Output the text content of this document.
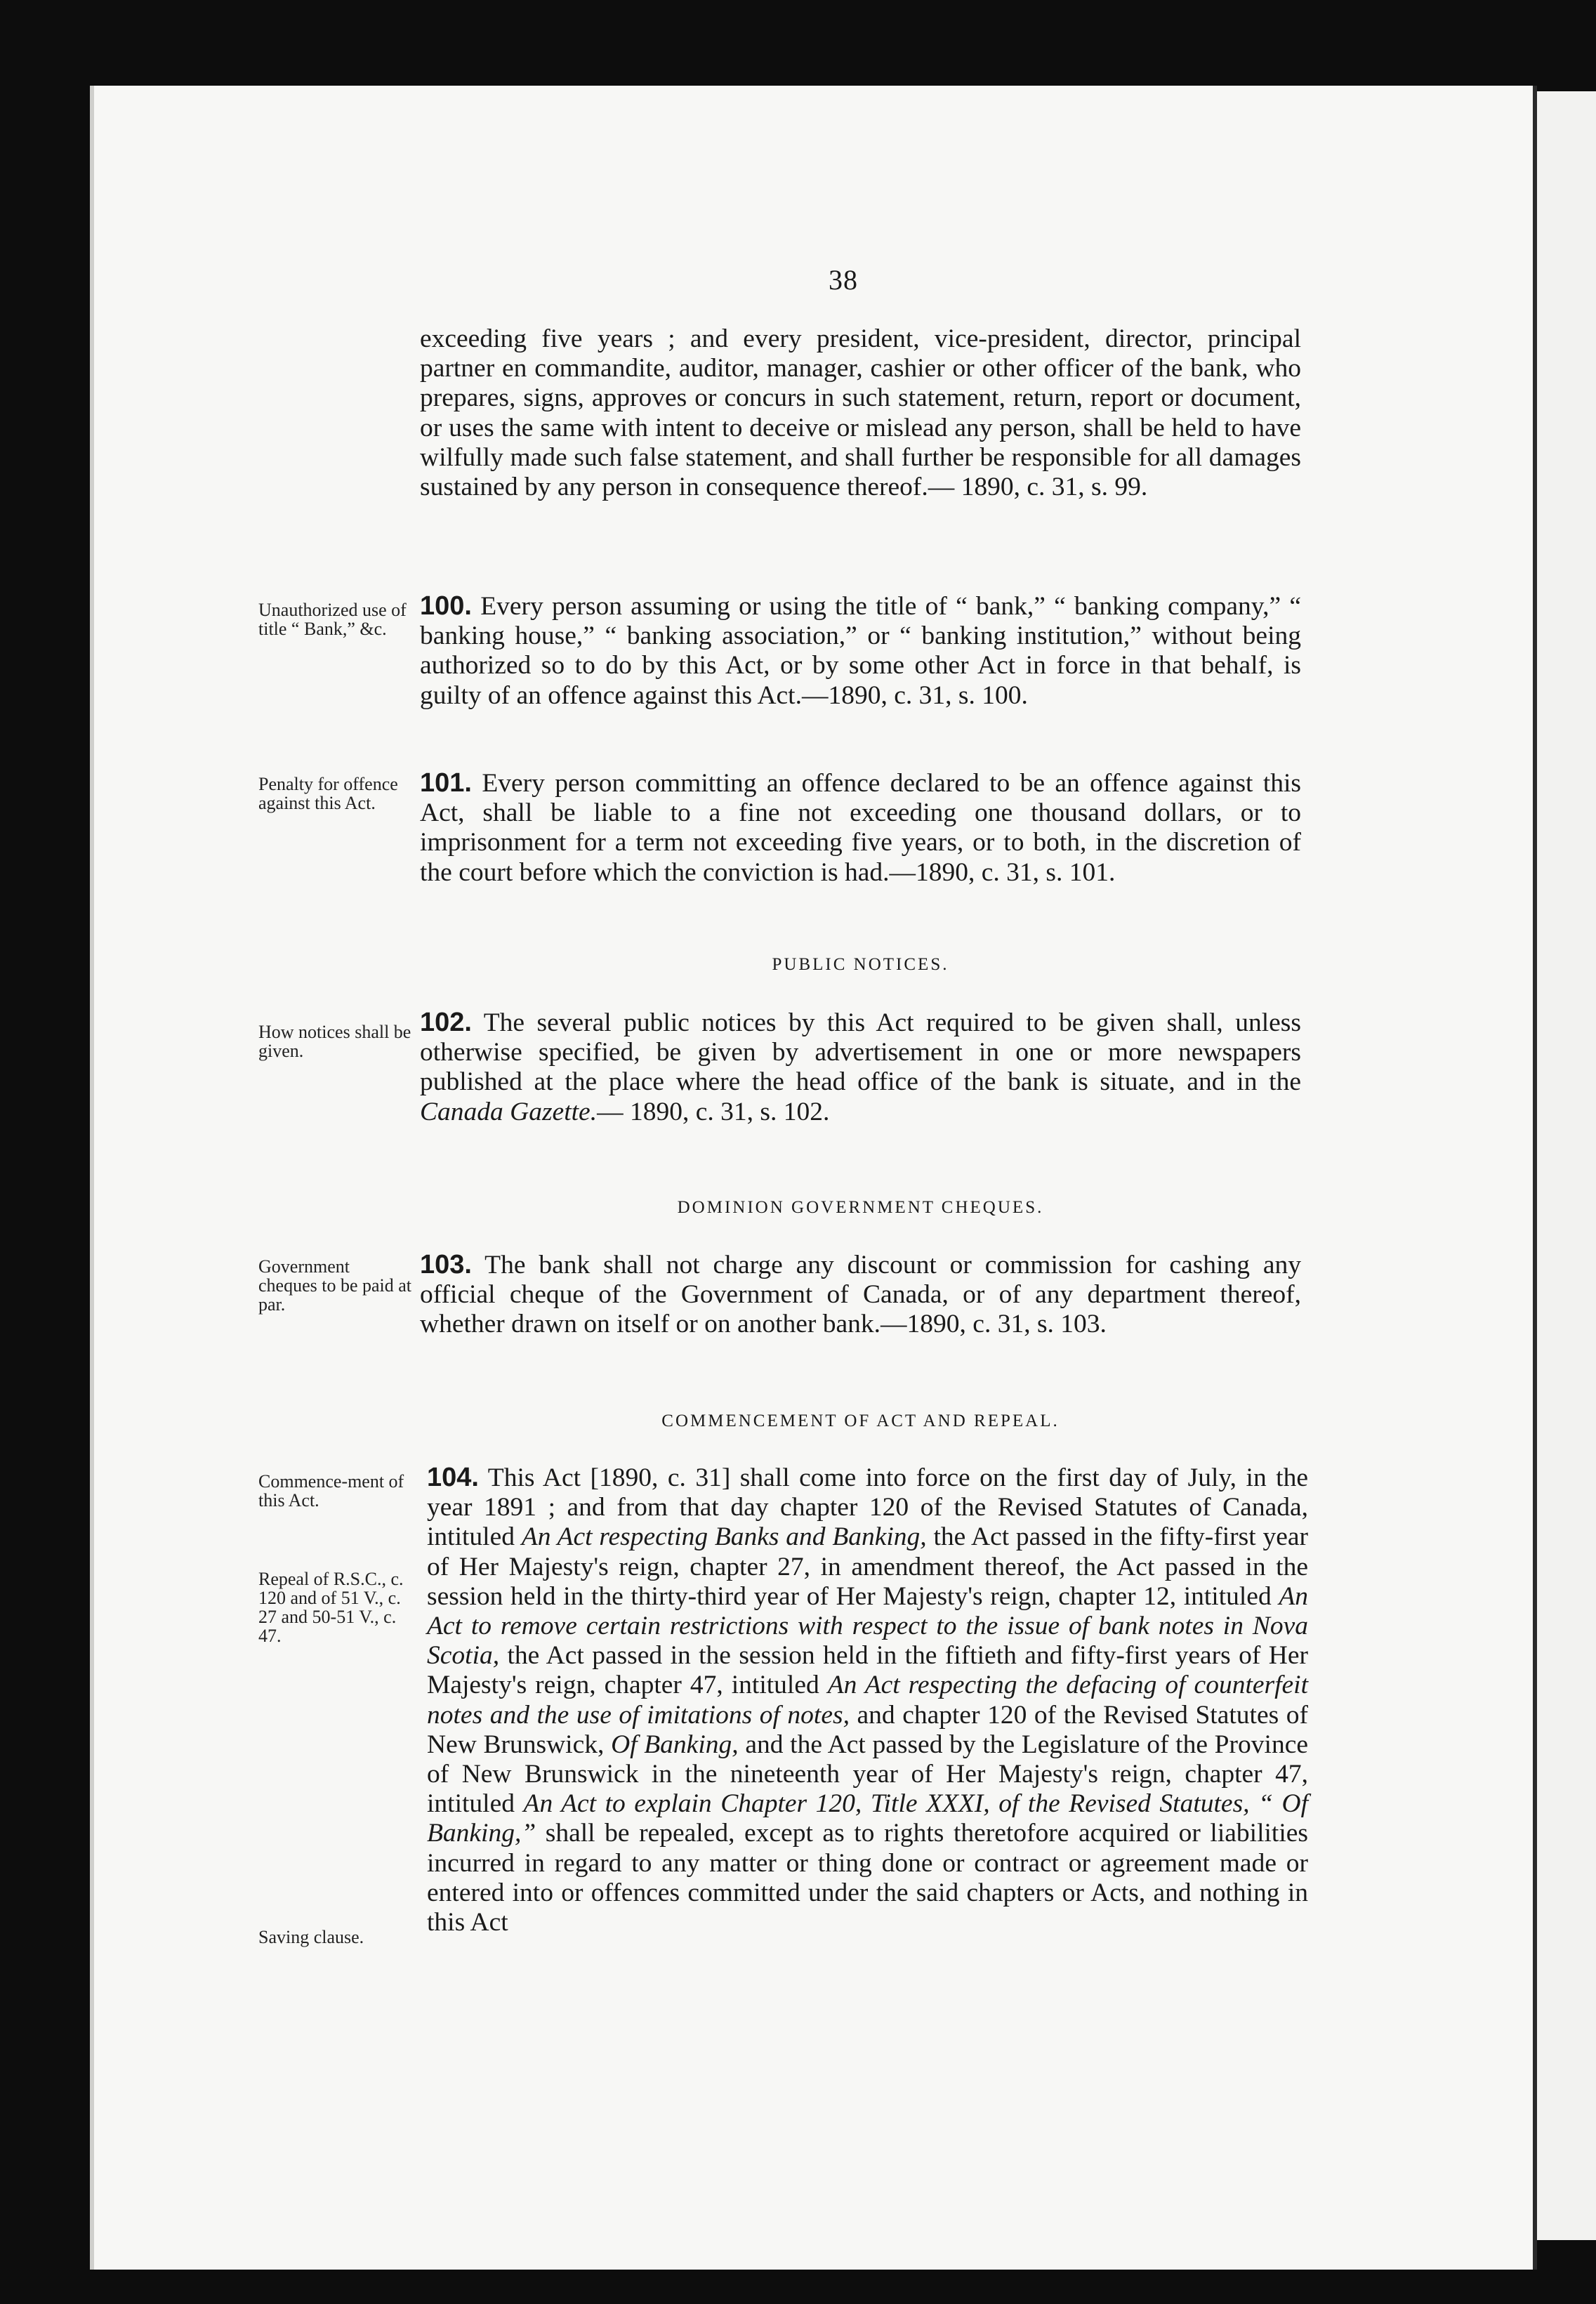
38

exceeding five years ; and every president, vice-president, director, principal partner en commandite, auditor, manager, cashier or other officer of the bank, who prepares, signs, approves or concurs in such statement, return, report or document, or uses the same with intent to deceive or mislead any person, shall be held to have wilfully made such false statement, and shall further be responsible for all damages sustained by any person in consequence thereof.— 1890, c. 31, s. 99.

Unauthorized use of title “ Bank,” &c.

100. Every person assuming or using the title of “ bank,” “ banking company,” “ banking house,” “ banking association,” or “ banking institution,” without being authorized so to do by this Act, or by some other Act in force in that behalf, is guilty of an offence against this Act.—1890, c. 31, s. 100.

Penalty for offence against this Act.

101. Every person committing an offence declared to be an offence against this Act, shall be liable to a fine not exceeding one thousand dollars, or to imprisonment for a term not exceeding five years, or to both, in the discretion of the court before which the conviction is had.—1890, c. 31, s. 101.

PUBLIC NOTICES.

How notices shall be given.

102. The several public notices by this Act required to be given shall, unless otherwise specified, be given by advertisement in one or more newspapers published at the place where the head office of the bank is situate, and in the Canada Gazette.— 1890, c. 31, s. 102.

DOMINION GOVERNMENT CHEQUES.

Government cheques to be paid at par.

103. The bank shall not charge any discount or commission for cashing any official cheque of the Government of Canada, or of any department thereof, whether drawn on itself or on another bank.—1890, c. 31, s. 103.

COMMENCEMENT OF ACT AND REPEAL.

Commence-ment of this Act.
Repeal of R.S.C., c. 120 and of 51 V., c. 27 and 50-51 V., c. 47.
Saving clause.

104. This Act [1890, c. 31] shall come into force on the first day of July, in the year 1891 ; and from that day chapter 120 of the Revised Statutes of Canada, intituled An Act respecting Banks and Banking, the Act passed in the fifty-first year of Her Majesty's reign, chapter 27, in amendment thereof, the Act passed in the session held in the thirty-third year of Her Majesty's reign, chapter 12, intituled An Act to remove certain restrictions with respect to the issue of bank notes in Nova Scotia, the Act passed in the session held in the fiftieth and fifty-first years of Her Majesty's reign, chapter 47, intituled An Act respecting the defacing of counterfeit notes and the use of imitations of notes, and chapter 120 of the Revised Statutes of New Brunswick, Of Banking, and the Act passed by the Legislature of the Province of New Brunswick in the nineteenth year of Her Majesty's reign, chapter 47, intituled An Act to explain Chapter 120, Title XXXI, of the Revised Statutes, “ Of Banking,” shall be repealed, except as to rights theretofore acquired or liabilities incurred in regard to any matter or thing done or contract or agreement made or entered into or offences committed under the said chapters or Acts, and nothing in this Act
